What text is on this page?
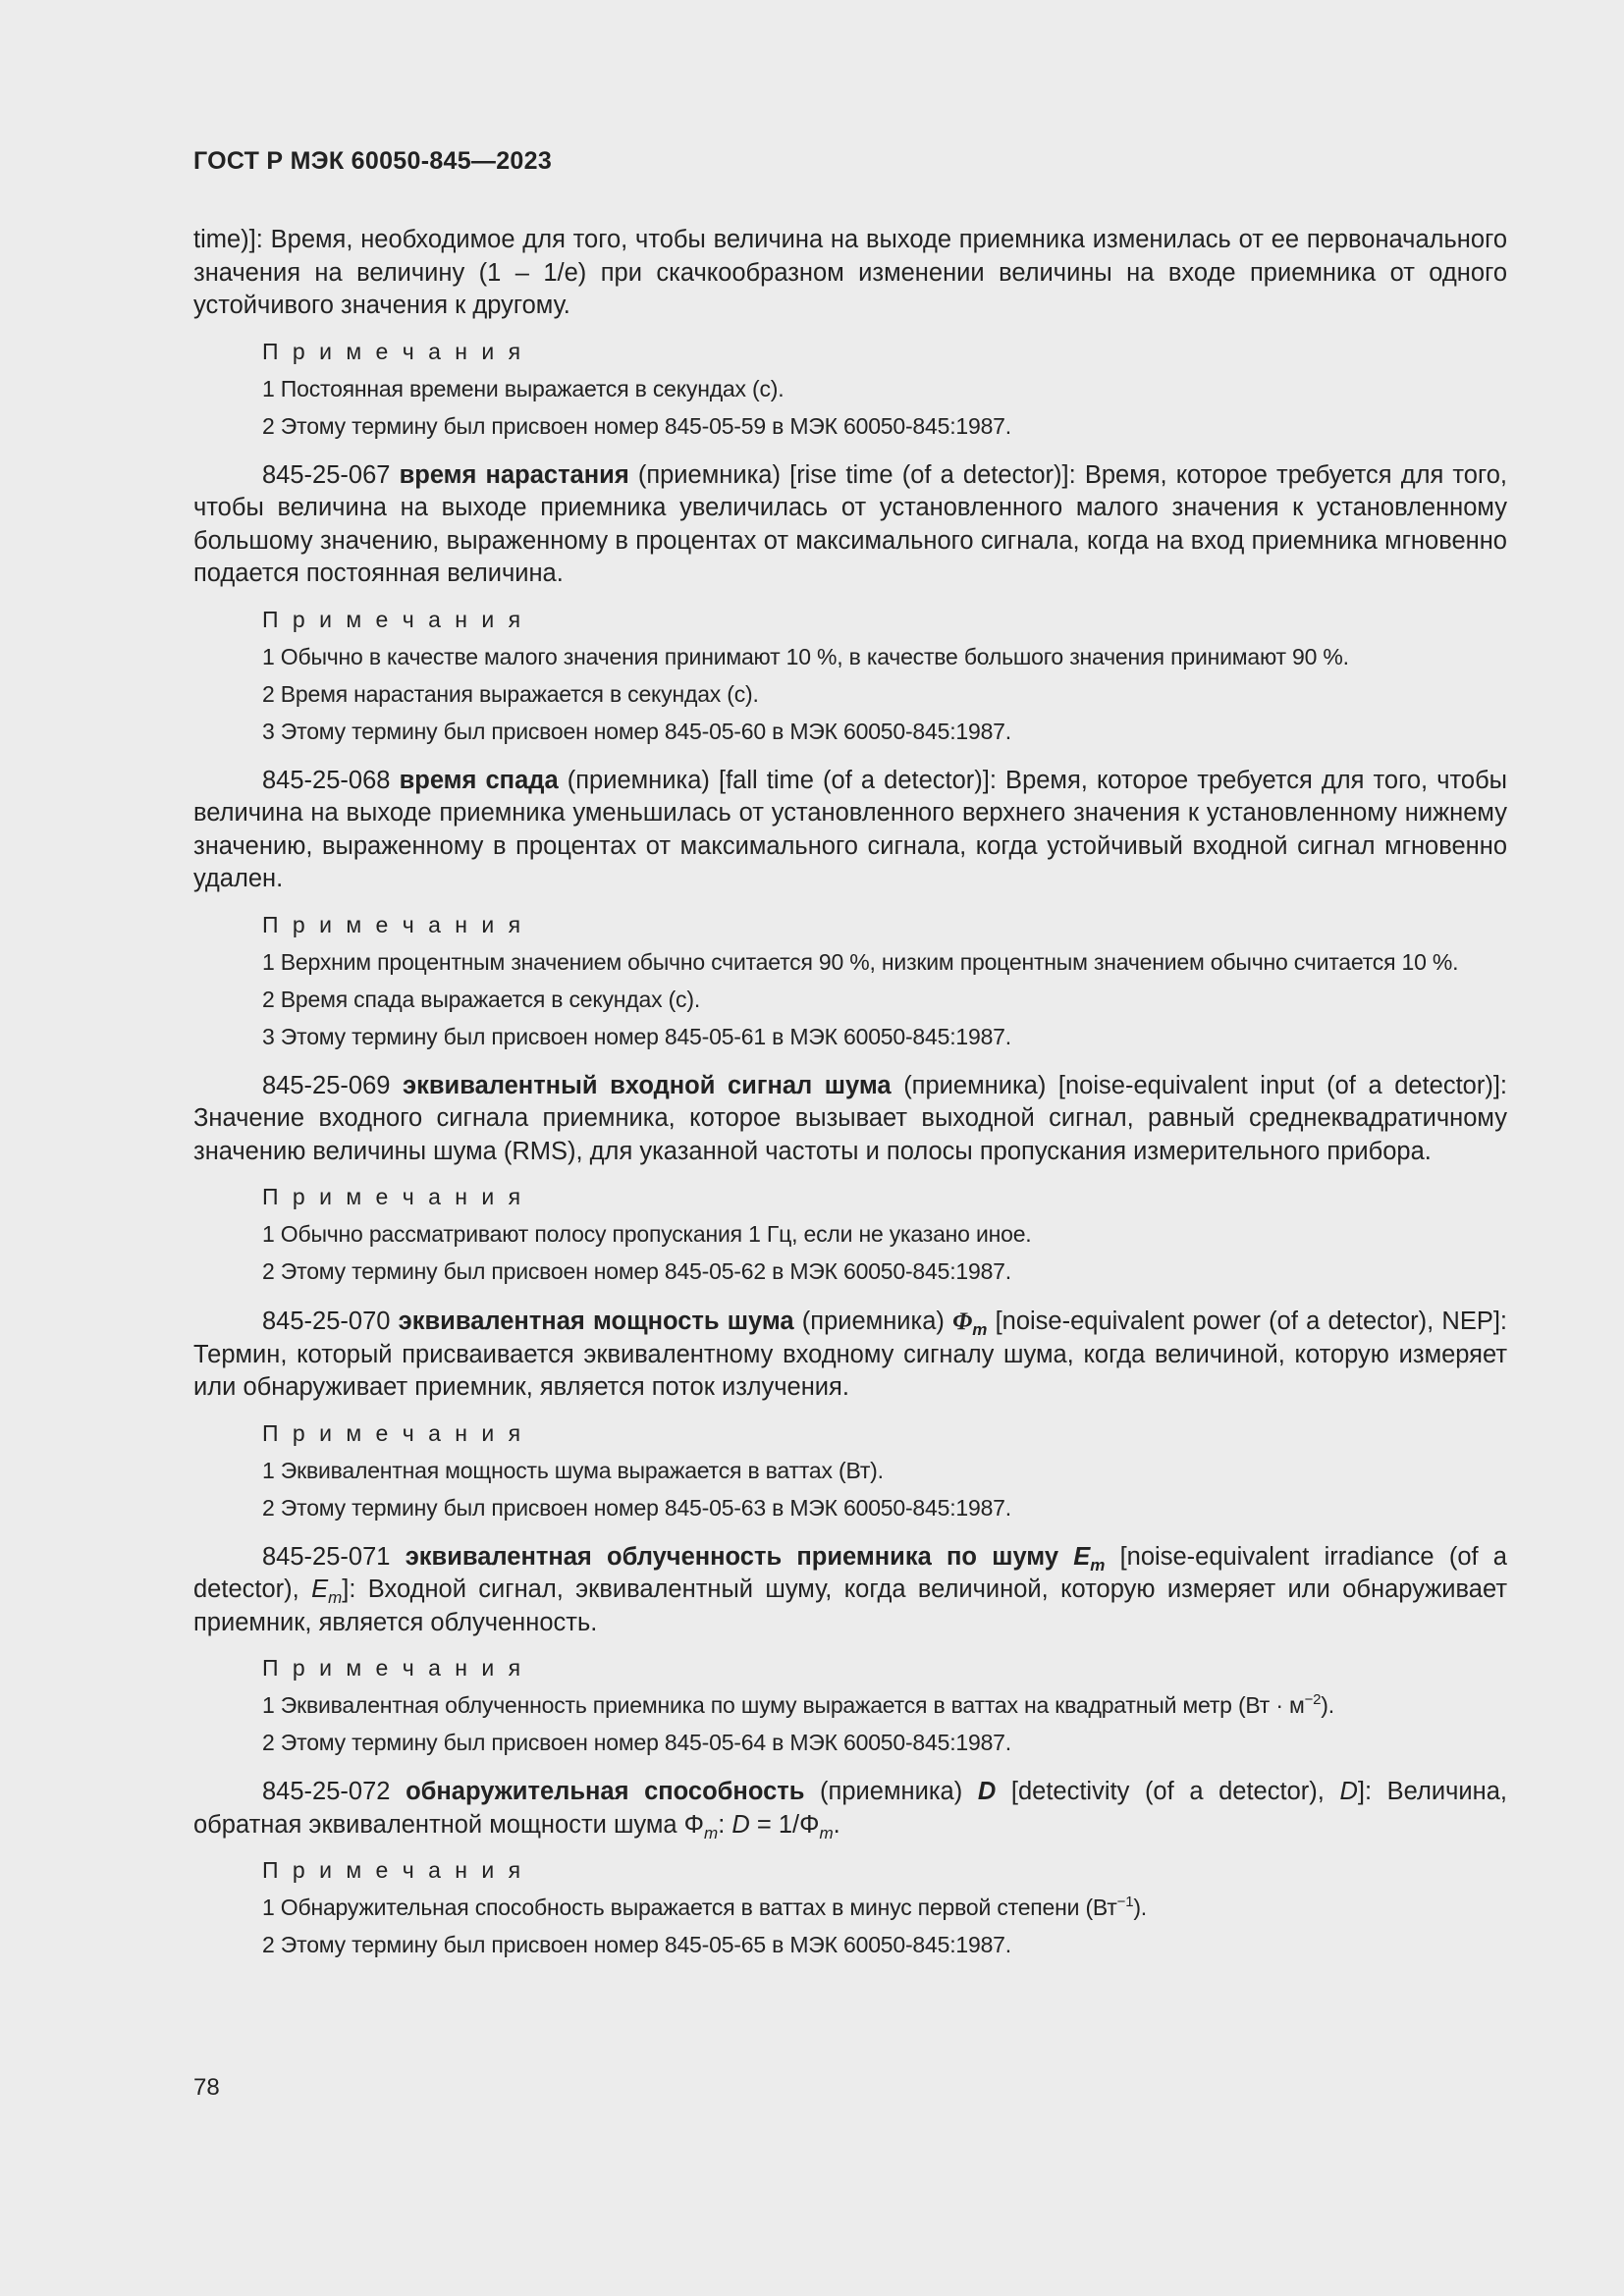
ГОСТ Р МЭК 60050-845—2023

time)]: Время, необходимое для того, чтобы величина на выходе приемника изменилась от ее первоначального значения на величину (1 – 1/e) при скачкообразном изменении величины на входе приемника от одного устойчивого значения к другому.

П р и м е ч а н и я
1 Постоянная времени выражается в секундах (с).
2 Этому термину был присвоен номер 845-05-59 в МЭК 60050-845:1987.

845-25-067 время нарастания (приемника) [rise time (of a detector)]: Время, которое требуется для того, чтобы величина на выходе приемника увеличилась от установленного малого значения к установленному большому значению, выраженному в процентах от максимального сигнала, когда на вход приемника мгновенно подается постоянная величина.

П р и м е ч а н и я
1 Обычно в качестве малого значения принимают 10 %, в качестве большого значения принимают 90 %.
2 Время нарастания выражается в секундах (с).
3 Этому термину был присвоен номер 845-05-60 в МЭК 60050-845:1987.

845-25-068 время спада (приемника) [fall time (of a detector)]: Время, которое требуется для того, чтобы величина на выходе приемника уменьшилась от установленного верхнего значения к установленному нижнему значению, выраженному в процентах от максимального сигнала, когда устойчивый входной сигнал мгновенно удален.

П р и м е ч а н и я
1 Верхним процентным значением обычно считается 90 %, низким процентным значением обычно считается 10 %.
2 Время спада выражается в секундах (с).
3 Этому термину был присвоен номер 845-05-61 в МЭК 60050-845:1987.

845-25-069 эквивалентный входной сигнал шума (приемника) [noise-equivalent input (of a detector)]: Значение входного сигнала приемника, которое вызывает выходной сигнал, равный среднеквадратичному значению величины шума (RMS), для указанной частоты и полосы пропускания измерительного прибора.

П р и м е ч а н и я
1 Обычно рассматривают полосу пропускания 1 Гц, если не указано иное.
2 Этому термину был присвоен номер 845-05-62 в МЭК 60050-845:1987.

845-25-070 эквивалентная мощность шума (приемника) $\Phi_m$ [noise-equivalent power (of a detector), NEP]: Термин, который присваивается эквивалентному входному сигналу шума, когда величиной, которую измеряет или обнаруживает приемник, является поток излучения.

П р и м е ч а н и я
1 Эквивалентная мощность шума выражается в ваттах (Вт).
2 Этому термину был присвоен номер 845-05-63 в МЭК 60050-845:1987.

845-25-071 эквивалентная облученность приемника по шуму $E_m$ [noise-equivalent irradiance (of a detector), $E_m$]: Входной сигнал, эквивалентный шуму, когда величиной, которую измеряет или обнаруживает приемник, является облученность.

П р и м е ч а н и я
1 Эквивалентная облученность приемника по шуму выражается в ваттах на квадратный метр $(Вт \cdot м^{-2})$.
2 Этому термину был присвоен номер 845-05-64 в МЭК 60050-845:1987.

845-25-072 обнаружительная способность (приемника) D [detectivity (of a detector), D]: Величина, обратная эквивалентной мощности шума $\Phi_m$: $D = 1/\Phi_m$.

П р и м е ч а н и я
1 Обнаружительная способность выражается в ваттах в минус первой степени $(Вт^{-1})$.
2 Этому термину был присвоен номер 845-05-65 в МЭК 60050-845:1987.
78
